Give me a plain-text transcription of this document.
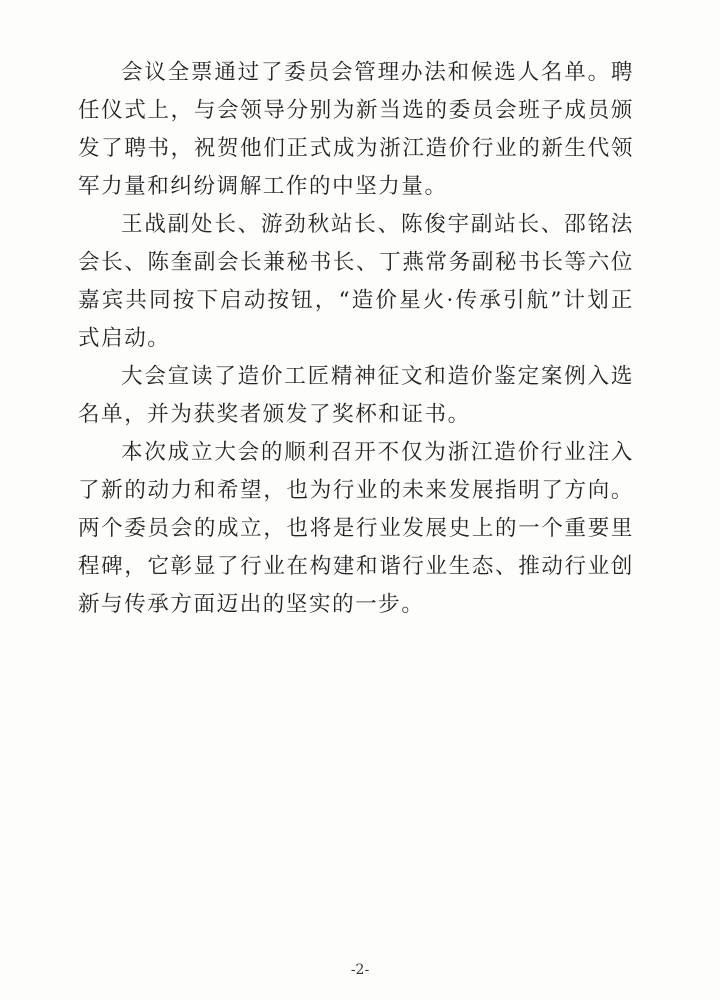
会议全票通过了委员会管理办法和候选人名单。聘任仪式上，与会领导分别为新当选的委员会班子成员颁发了聘书，祝贺他们正式成为浙江造价行业的新生代领军力量和纠纷调解工作的中坚力量。

王战副处长、游劲秋站长、陈俊宇副站长、邵铭法会长、陈奎副会长兼秘书长、丁燕常务副秘书长等六位嘉宾共同按下启动按钮，“造价星火·传承引航”计划正式启动。

大会宣读了造价工匠精神征文和造价鉴定案例入选名单，并为获奖者颁发了奖杯和证书。

本次成立大会的顺利召开不仅为浙江造价行业注入了新的动力和希望，也为行业的未来发展指明了方向。两个委员会的成立，也将是行业发展史上的一个重要里程碑，它彰显了行业在构建和谐行业生态、推动行业创新与传承方面迈出的坚实的一步。

-2-
